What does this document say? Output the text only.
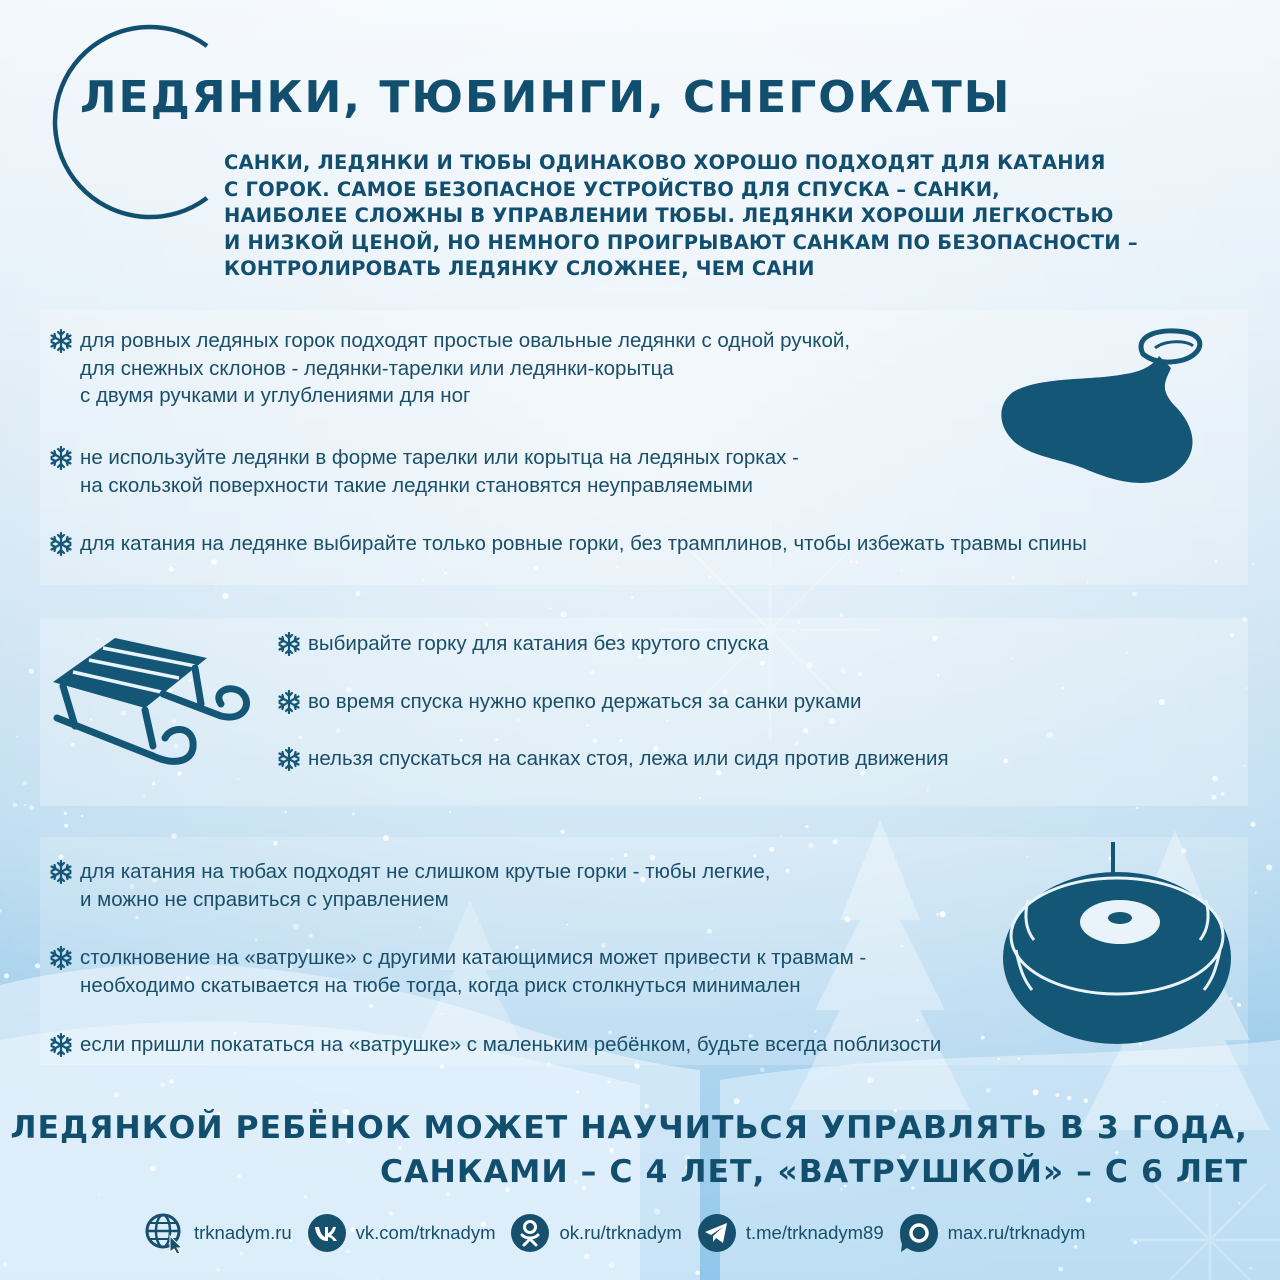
ЛЕДЯНКИ, ТЮБИНГИ, СНЕГОКАТЫ

САНКИ, ЛЕДЯНКИ И ТЮБЫ ОДИНАКОВО ХОРОШО ПОДХОДЯТ ДЛЯ КАТАНИЯ
С ГОРОК. САМОЕ БЕЗОПАСНОЕ УСТРОЙСТВО ДЛЯ СПУСКА – САНКИ,
НАИБОЛЕЕ СЛОЖНЫ В УПРАВЛЕНИИ ТЮБЫ. ЛЕДЯНКИ ХОРОШИ ЛЕГКОСТЬЮ
И НИЗКОЙ ЦЕНОЙ, НО НЕМНОГО ПРОИГРЫВАЮТ САНКАМ ПО БЕЗОПАСНОСТИ –
КОНТРОЛИРОВАТЬ ЛЕДЯНКУ СЛОЖНЕЕ, ЧЕМ САНИ

для ровных ледяных горок подходят простые овальные ледянки с одной ручкой,
для снежных склонов - ледянки-тарелки или ледянки-корытца
с двумя ручками и углублениями для ног
не используйте ледянки в форме тарелки или корытца на ледяных горках -
на скользкой поверхности такие ледянки становятся неуправляемыми
для катания на ледянке выбирайте только ровные горки, без трамплинов, чтобы избежать травмы спины
выбирайте горку для катания без крутого спуска
во время спуска нужно крепко держаться за санки руками
нельзя спускаться на санках стоя, лежа или сидя против движения
для катания на тюбах подходят не слишком крутые горки - тюбы легкие,
и можно не справиться с управлением
столкновение на «ватрушке» с другими катающимися может привести к травмам -
необходимо скатывается на тюбе тогда, когда риск столкнуться минимален
если пришли покататься на «ватрушке» с маленьким ребёнком, будьте всегда поблизости

ЛЕДЯНКОЙ РЕБЁНОК МОЖЕТ НАУЧИТЬСЯ УПРАВЛЯТЬ В 3 ГОДА,
САНКАМИ – С 4 ЛЕТ, «ВАТРУШКОЙ» – С 6 ЛЕТ

trknadym.ru	vk.com/trknadym	ok.ru/trknadym	t.me/trknadym89	max.ru/trknadym
